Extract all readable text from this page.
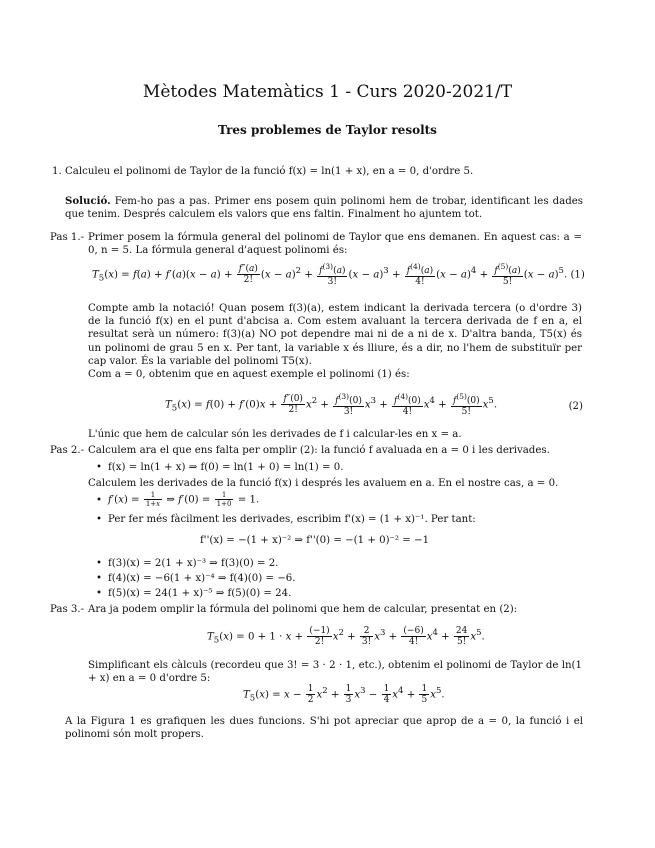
Mètodes Matemàtics 1 - Curs 2020-2021/T
Tres problemes de Taylor resolts
1. Calculeu el polinomi de Taylor de la funció f(x) = ln(1 + x), en a = 0, d'ordre 5.
Solució. Fem-ho pas a pas. Primer ens posem quin polinomi hem de trobar, identificant les dades que tenim. Després calculem els valors que ens faltin. Finalment ho ajuntem tot.
Pas 1.- Primer posem la fórmula general del polinomi de Taylor que ens demanen. En aquest cas: a = 0, n = 5. La fórmula general d'aquest polinomi és:
$T_5(x) = f(a) + f'(a)(x - a) + \frac{f''(a)}{2!} (x - a)^2 + \frac{f^{(3)}(a)}{3!} (x - a)^3 + \frac{f^{(4)}(a)}{4!} (x - a)^4 + \frac{f^{(5)}(a)}{5!} (x - a)^5$. (1)
Compte amb la notació! Quan posem f(3)(a), estem indicant la derivada tercera (o d'ordre 3) de la funció f(x) en el punt d'abcisa a. Com estem avaluant la tercera derivada de f en a, el resultat serà un número: f(3)(a) NO pot dependre mai ni de a ni de x. D'altra banda, T5(x) és un polinomi de grau 5 en x. Per tant, la variable x és lliure, és a dir, no l'hem de substituïr per cap valor. És la variable del polinomi T5(x).
Com a = 0, obtenim que en aquest exemple el polinomi (1) és:
$T_5(x) = f(0) + f'(0)x + \frac{f''(0)}{2!} x^2 + \frac{f^{(3)}(0)}{3!} x^3 + \frac{f^{(4)}(0)}{4!} x^4 + \frac{f^{(5)}(0)}{5!} x^5$.	(2)
L'únic que hem de calcular són les derivades de f i calcular-les en x = a.
Pas 2.- Calculem ara el que ens falta per omplir (2): la funció f avaluada en a = 0 i les derivades.
• f(x) = ln(1 + x) ⇒ f(0) = ln(1 + 0) = ln(1) = 0.
Calculem les derivades de la funció f(x) i després les avaluem en a. En el nostre cas, a = 0.
• $f'(x) = \frac{1}{1+x}$ ⇒ $f'(0) = \frac{1}{1+0} = 1$.
• Per fer més fàcilment les derivades, escribim f'(x) = (1 + x)⁻¹. Per tant:
f''(x) = −(1 + x)⁻² ⇒ f''(0) = −(1 + 0)⁻² = −1
• f(3)(x) = 2(1 + x)⁻³ ⇒ f(3)(0) = 2.
• f(4)(x) = −6(1 + x)⁻⁴ ⇒ f(4)(0) = −6.
• f(5)(x) = 24(1 + x)⁻⁵ ⇒ f(5)(0) = 24.
Pas 3.- Ara ja podem omplir la fórmula del polinomi que hem de calcular, presentat en (2):
$T_5(x) = 0 + 1 \cdot x + \frac{(-1)}{2!} x^2 + \frac{2}{3!} x^3 + \frac{(-6)}{4!} x^4 + \frac{24}{5!} x^5$.
Simplificant els càlculs (recordeu que 3! = 3 · 2 · 1, etc.), obtenim el polinomi de Taylor de ln(1 + x) en a = 0 d'ordre 5:
$T_5(x) = x - \frac{1}{2} x^2 + \frac{1}{3} x^3 - \frac{1}{4} x^4 + \frac{1}{5} x^5$.
A la Figura 1 es grafiquen les dues funcions. S'hi pot apreciar que aprop de a = 0, la funció i el polinomi són molt propers.
